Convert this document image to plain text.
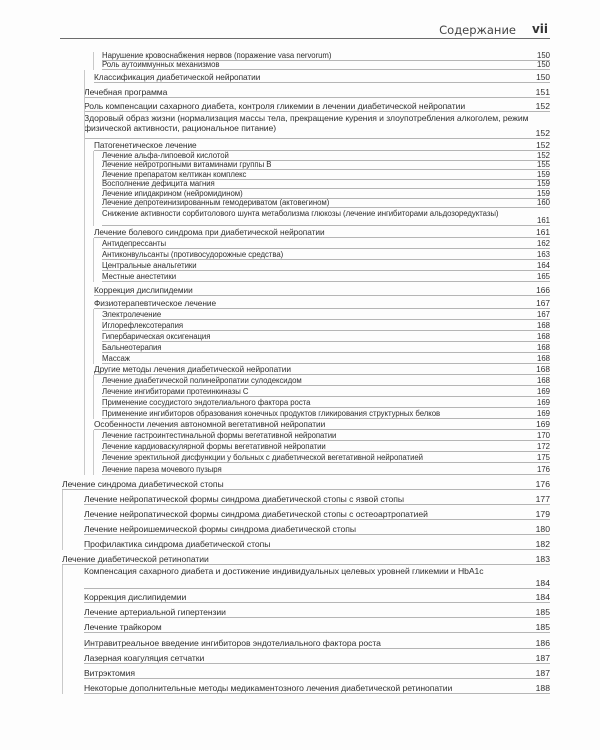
Содержание vii
Нарушение кровоснабжения нервов (поражение vasa nervorum)	150
Роль аутоиммунных механизмов	150
Классификация диабетической нейропатии	150
Лечебная программа	151
Роль компенсации сахарного диабета, контроля гликемии в лечении диабетической нейропатии	152
Здоровый образ жизни (нормализация массы тела, прекращение курения и злоупотребления алкоголем, режим физической активности, рациональное питание)	152
Патогенетическое лечение	152
Лечение альфа-липоевой кислотой	152
Лечение нейротропными витаминами группы B	155
Лечение препаратом келтикан комплекс	159
Восполнение дефицита магния	159
Лечение ипидакрином (нейромидином)	159
Лечение депротеинизированным гемодериватом (актовегином)	160
Снижение активности сорбитолового шунта метаболизма глюкозы (лечение ингибиторами альдозоредуктазы)
161
Лечение болевого синдрома при диабетической нейропатии	161
Антидепрессанты	162
Антиконвульсанты (противосудорожные средства)	163
Центральные анальгетики	164
Местные анестетики	165
Коррекция дислипидемии	166
Физиотерапевтическое лечение	167
Электролечение	167
Иглорефлексотерапия	168
Гипербарическая оксигенация	168
Бальнеотерапия	168
Массаж	168
Другие методы лечения диабетической нейропатии	168
Лечение диабетической полинейропатии сулодексидом	168
Лечение ингибиторами протеинкиназы C	169
Применение сосудистого эндотелиального фактора роста	169
Применение ингибиторов образования конечных продуктов гликирования структурных белков	169
Особенности лечения автономной вегетативной нейропатии	169
Лечение гастроинтестинальной формы вегетативной нейропатии	170
Лечение кардиоваскулярной формы вегетативной нейропатии	172
Лечение эректильной дисфункции у больных с диабетической вегетативной нейропатией	175
Лечение пареза мочевого пузыря	176
Лечение синдрома диабетической стопы	176
Лечение нейропатической формы синдрома диабетической стопы с язвой стопы	177
Лечение нейропатической формы синдрома диабетической стопы с остеоартропатией	179
Лечение нейроишемической формы синдрома диабетической стопы	180
Профилактика синдрома диабетической стопы	182
Лечение диабетической ретинопатии	183
Компенсация сахарного диабета и достижение индивидуальных целевых уровней гликемии и HbA1c
184
Коррекция дислипидемии	184
Лечение артериальной гипертензии	185
Лечение трайкором	185
Интравитреальное введение ингибиторов эндотелиального фактора роста	186
Лазерная коагуляция сетчатки	187
Витрэктомия	187
Некоторые дополнительные методы медикаментозного лечения диабетической ретинопатии	188
